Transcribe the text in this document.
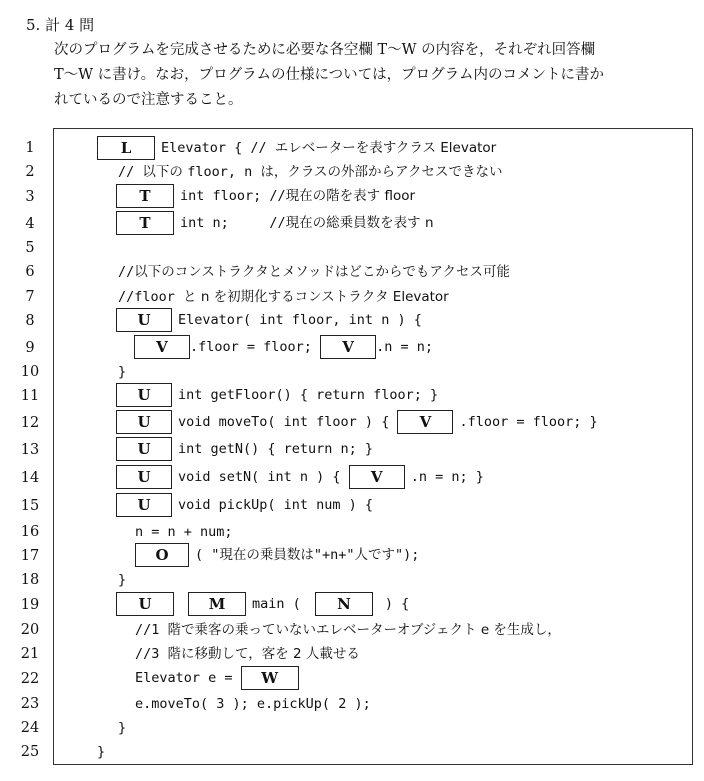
5. 計 4 問
次のプログラムを完成させるために必要な各空欄 T〜W の内容を，それぞれ回答欄
T〜W に書け。なお，プログラムの仕様については，プログラム内のコメントに書か
れているので注意すること。
1
2
3
4
5
6
7
8
9
10
11
12
13
14
15
16
17
18
19
20
21
22
23
24
25
L Elevator { // エレベーターを表すクラス Elevator
// 以下の floor, n は，クラスの外部からアクセスできない
T int floor; //現在の階を表す floor
T int n;     //現在の総乗員数を表す n
//以下のコンストラクタとメソッドはどこからでもアクセス可能
//floor と n を初期化するコンストラクタ Elevator
U Elevator( int floor, int n ) {
V .floor = floor; V .n = n;
}
U int getFloor() { return floor; }
U void moveTo( int floor ) { V .floor = floor; }
U int getN() { return n; }
U void setN( int n ) { V .n = n; }
U void pickUp( int num ) {
n = n + num;
O ( "現在の乗員数は"+n+"人です");
}
U	M main ( N	) {
//1 階で乗客の乗っていないエレベーターオブジェクト e を生成し，
//3 階に移動して，客を 2 人載せる
Elevator e = W
e.moveTo( 3 ); e.pickUp( 2 );
}
}
